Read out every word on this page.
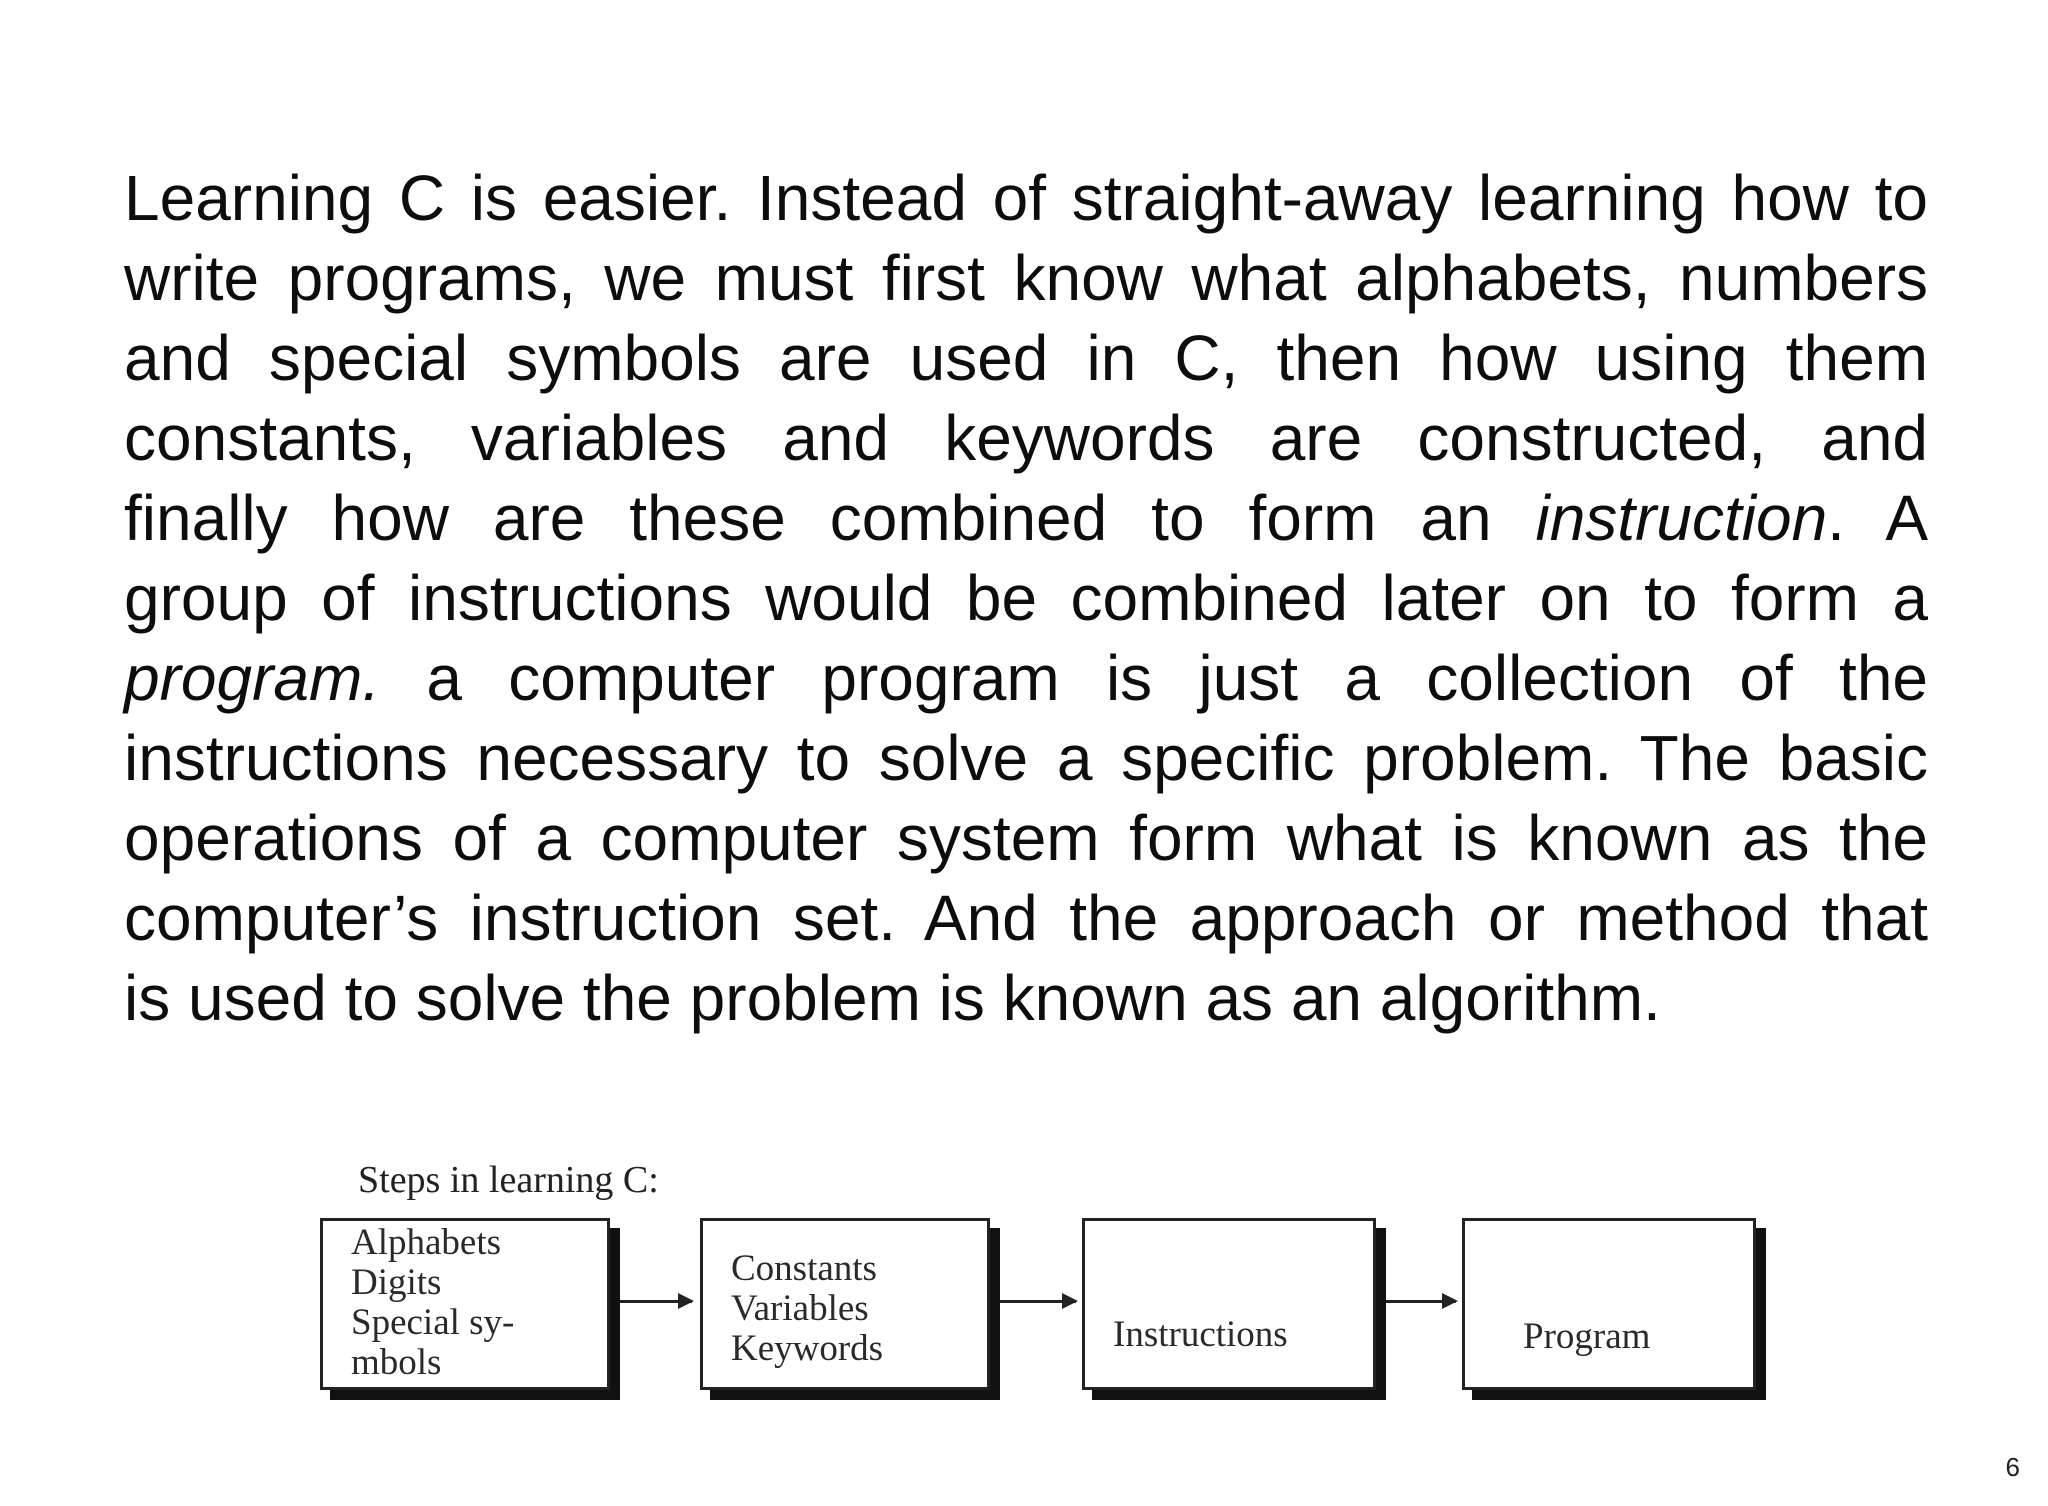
Learning C is easier. Instead of straight-away learning how to
write programs, we must first know what alphabets, numbers
and special symbols are used in C, then how using them
constants, variables and keywords are constructed, and
finally how are these combined to form an instruction. A
group of instructions would be combined later on to form a
program. a computer program is just a collection of the
instructions necessary to solve a specific problem. The basic
operations of a computer system form what is known as the
computer’s instruction set. And the approach or method that
is used to solve the problem is known as an algorithm.
Steps in learning C:
Alphabets
Digits
Special sy-
mbols
Constants
Variables
Keywords	Instructions	Program
6
